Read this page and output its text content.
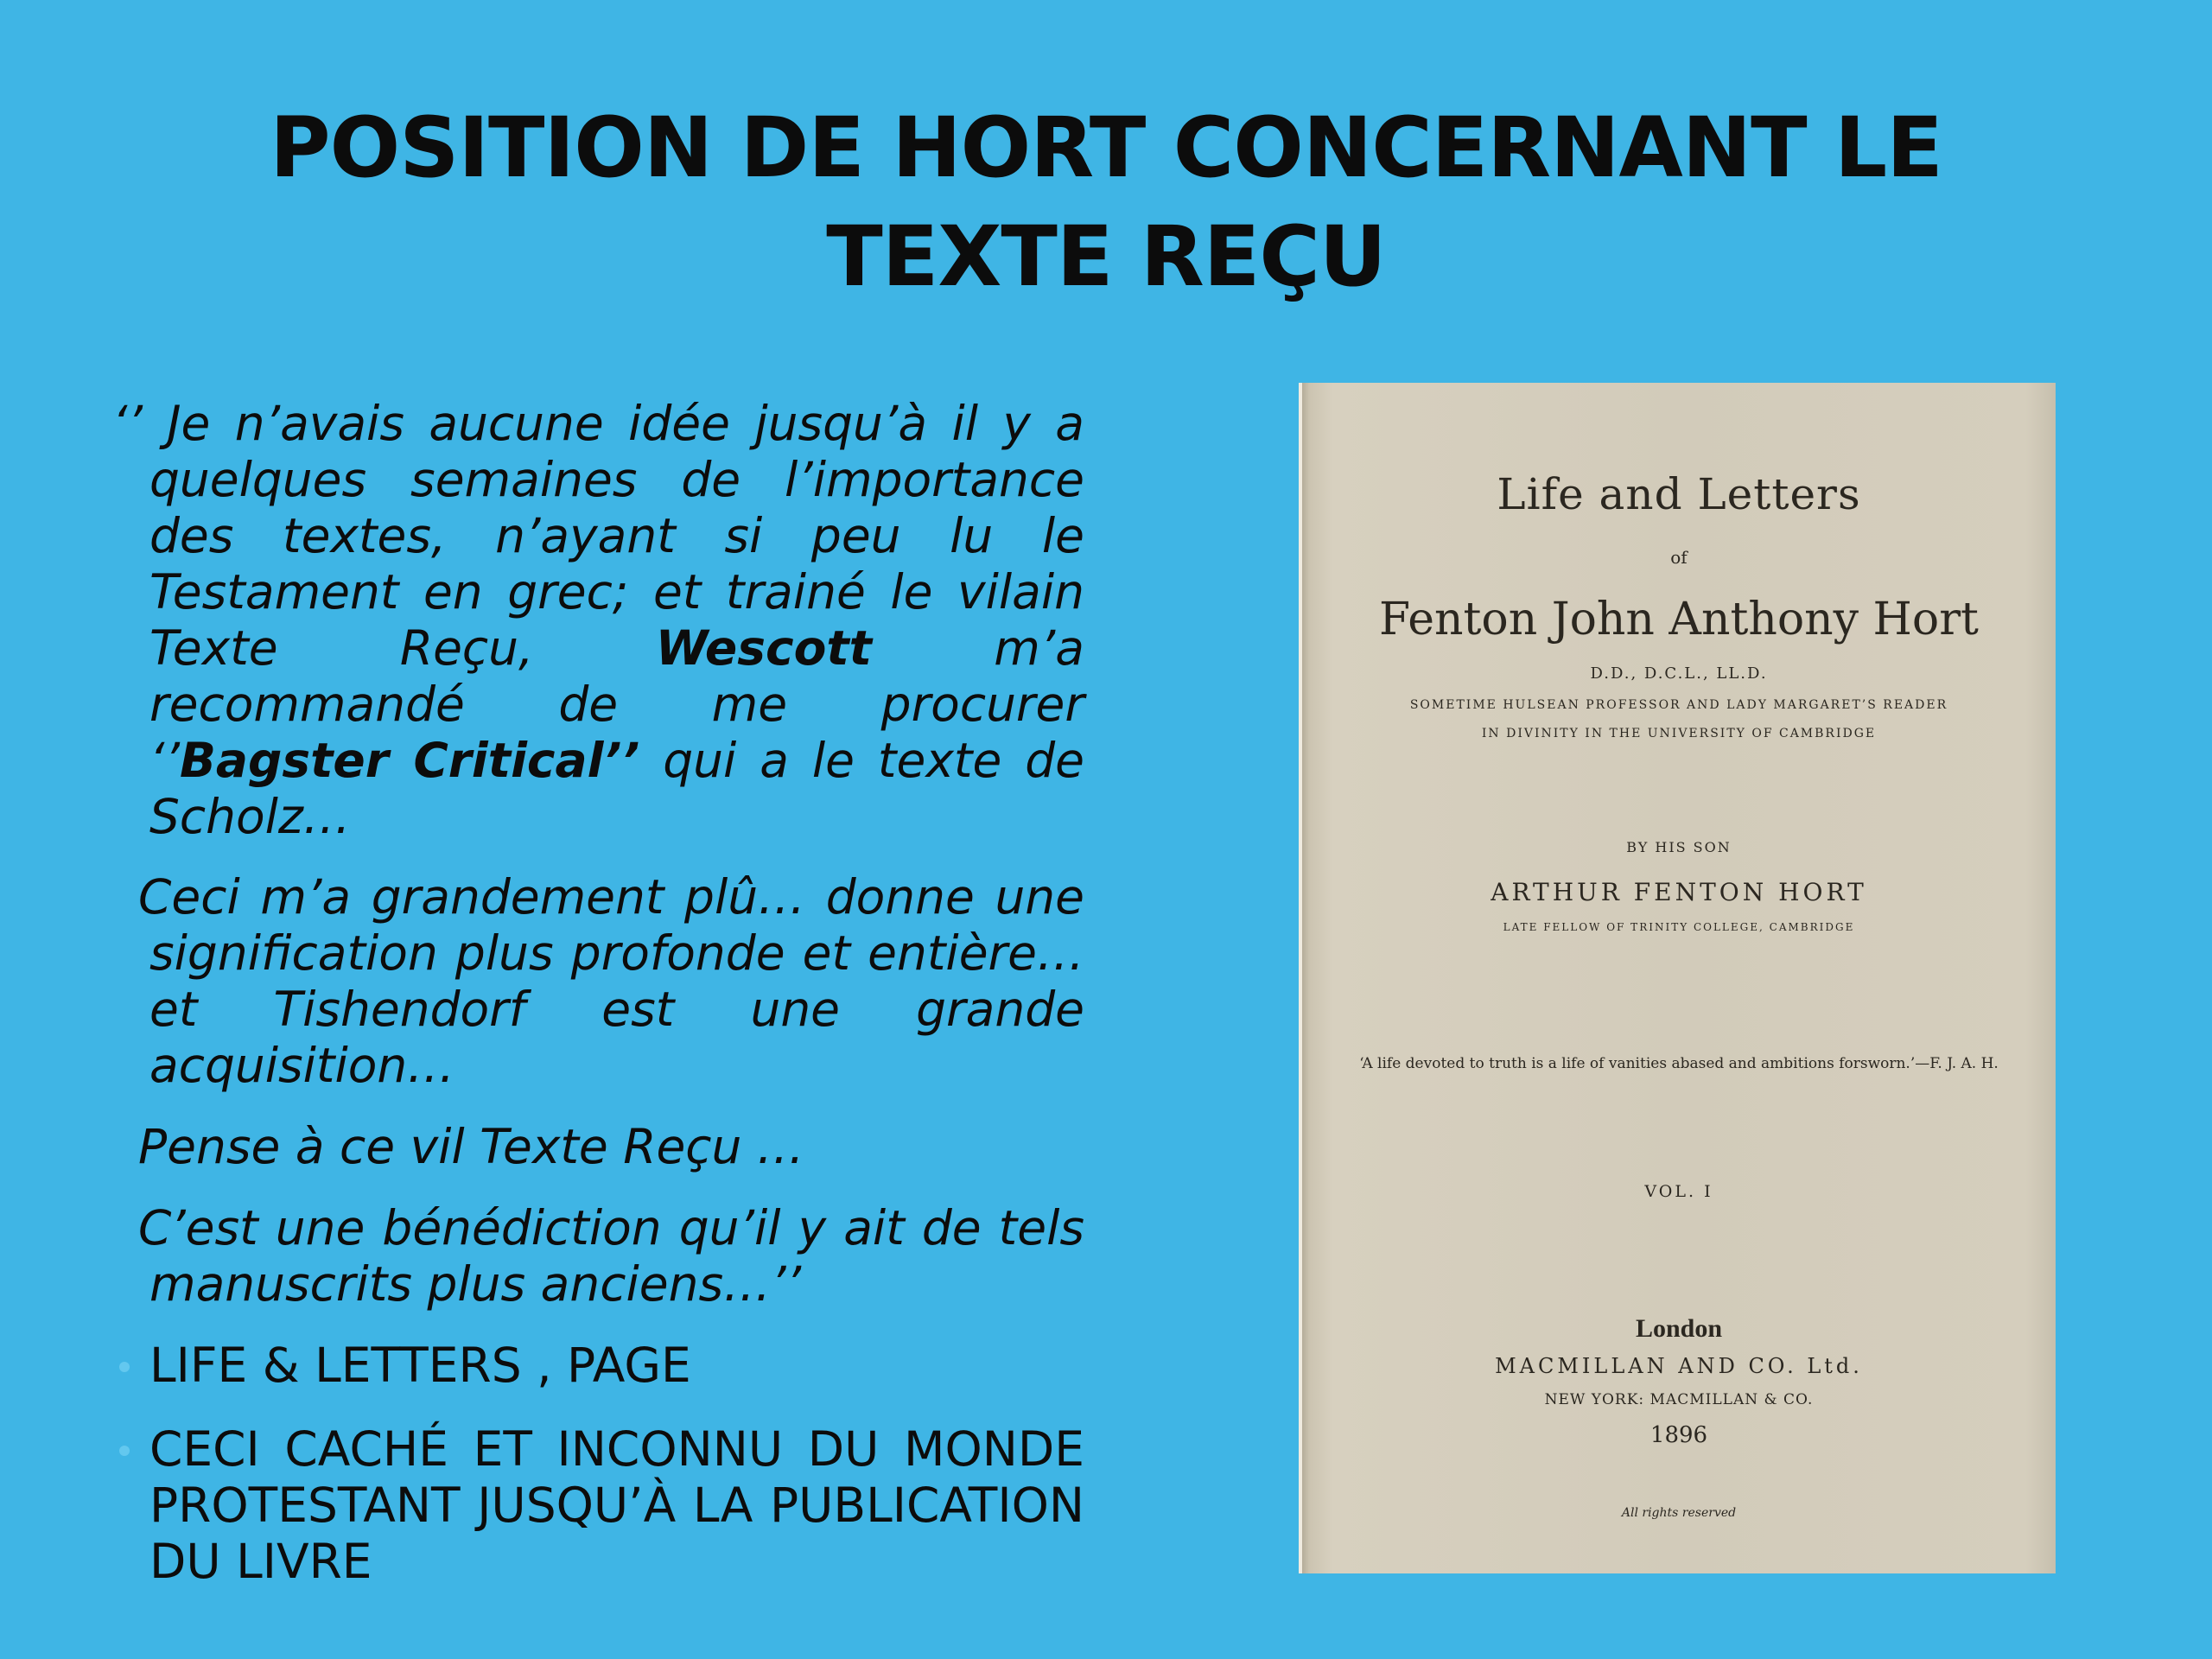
POSITION DE HORT CONCERNANT LE
TEXTE REÇU

‘’ Je n’avais aucune idée jusqu’à il y a quelques semaines de l’importance des textes, n’ayant si peu lu le Testament en grec; et trainé le vilain Texte Reçu, Wescott m’a recommandé de me procurer ‘’Bagster Critical’’ qui a le texte de Scholz…

Ceci m’a grandement plû… donne une signification plus profonde et entière…et Tishendorf est une grande acquisition…

Pense à ce vil Texte Reçu …

C’est une bénédiction qu’il y ait de tels manuscrits plus anciens…’’

LIFE & LETTERS , PAGE
CECI CACHÉ ET INCONNU DU MONDE PROTESTANT JUSQU’À LA PUBLICATION DU LIVRE
Life and Letters
of
Fenton John Anthony Hort
D.D., D.C.L., LL.D.
SOMETIME HULSEAN PROFESSOR AND LADY MARGARET’S READER
IN DIVINITY IN THE UNIVERSITY OF CAMBRIDGE
BY HIS SON
ARTHUR FENTON HORT
LATE FELLOW OF TRINITY COLLEGE, CAMBRIDGE
‘A life devoted to truth is a life of vanities abased and ambitions forsworn.’—F. J. A. H.
VOL. I
London
MACMILLAN AND CO. Ltd.
NEW YORK: MACMILLAN & CO.
1896
All rights reserved
